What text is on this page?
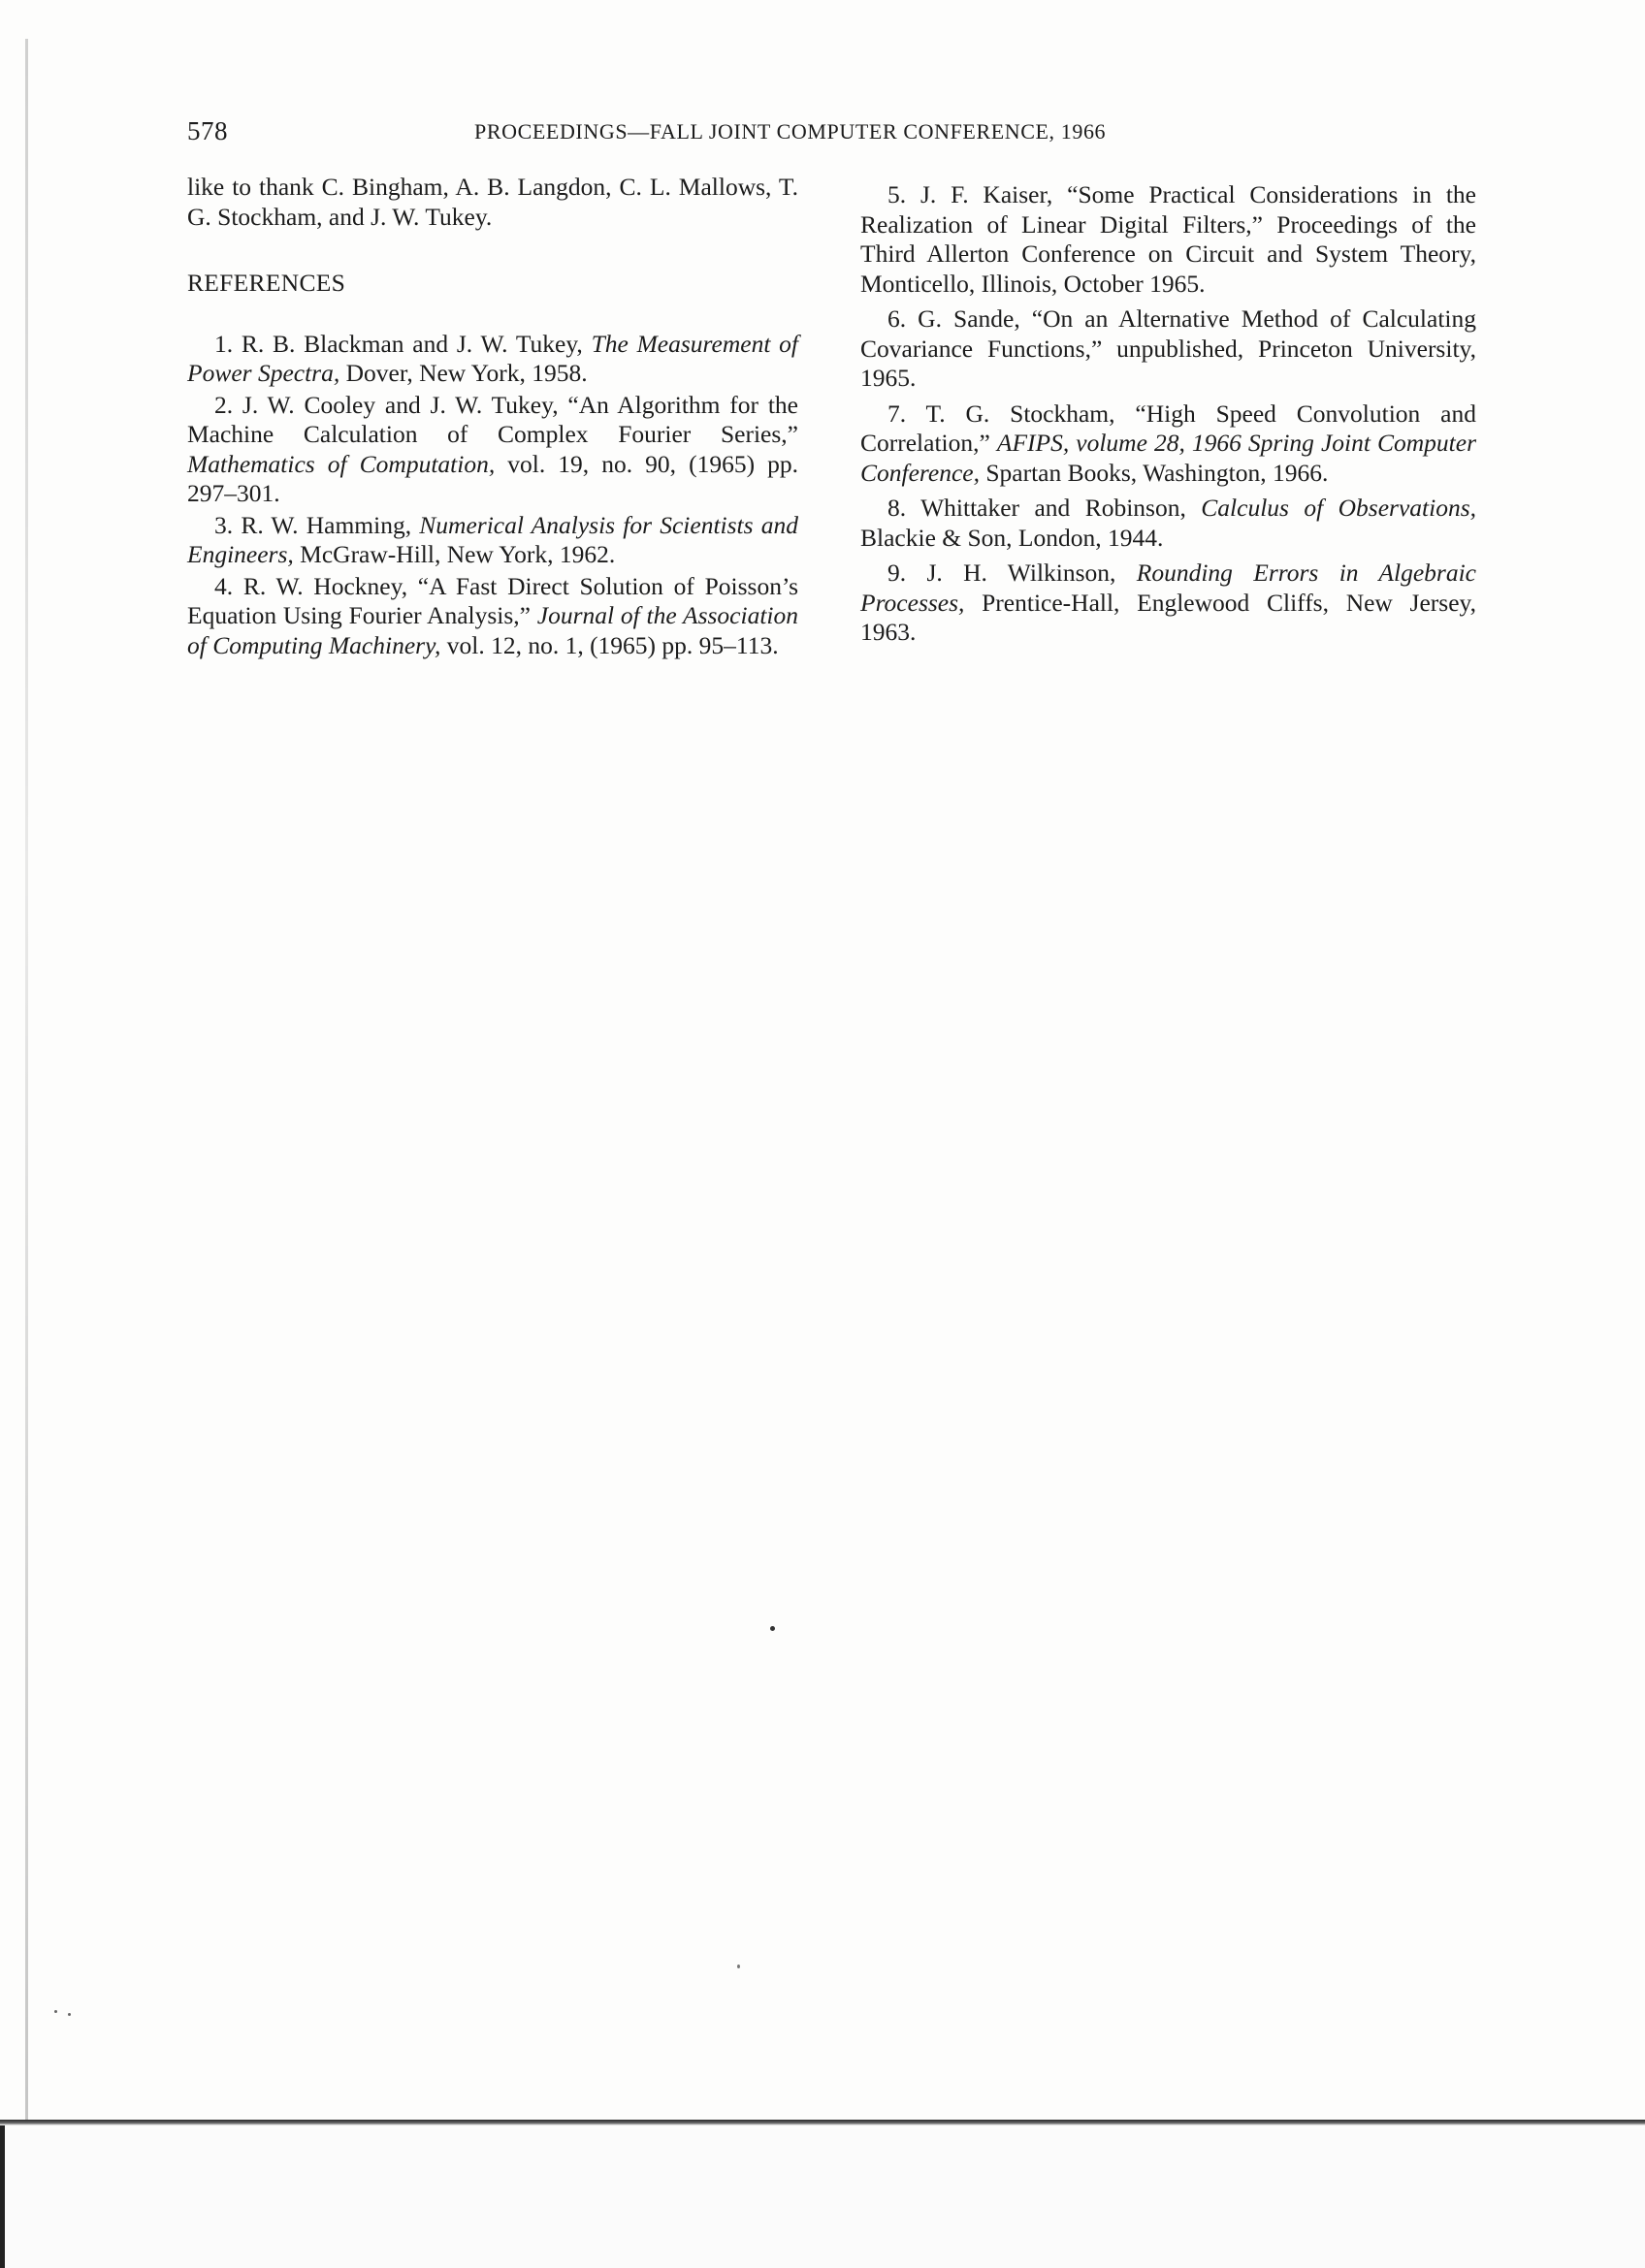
578	PROCEEDINGS—FALL JOINT COMPUTER CONFERENCE, 1966

like to thank C. Bingham, A. B. Langdon, C. L. Mallows, T. G. Stockham, and J. W. Tukey.

REFERENCES

1. R. B. Blackman and J. W. Tukey, The Measurement of Power Spectra, Dover, New York, 1958.

2. J. W. Cooley and J. W. Tukey, “An Algorithm for the Machine Calculation of Complex Fourier Series,” Mathematics of Computation, vol. 19, no. 90, (1965) pp. 297–301.

3. R. W. Hamming, Numerical Analysis for Scientists and Engineers, McGraw-Hill, New York, 1962.

4. R. W. Hockney, “A Fast Direct Solution of Poisson’s Equation Using Fourier Analysis,” Journal of the Association of Computing Machinery, vol. 12, no. 1, (1965) pp. 95–113.

5. J. F. Kaiser, “Some Practical Considerations in the Realization of Linear Digital Filters,” Proceedings of the Third Allerton Conference on Circuit and System Theory, Monticello, Illinois, October 1965.

6. G. Sande, “On an Alternative Method of Calculating Covariance Functions,” unpublished, Princeton University, 1965.

7. T. G. Stockham, “High Speed Convolution and Correlation,” AFIPS, volume 28, 1966 Spring Joint Computer Conference, Spartan Books, Washington, 1966.

8. Whittaker and Robinson, Calculus of Observations, Blackie & Son, London, 1944.

9. J. H. Wilkinson, Rounding Errors in Algebraic Processes, Prentice-Hall, Englewood Cliffs, New Jersey, 1963.
